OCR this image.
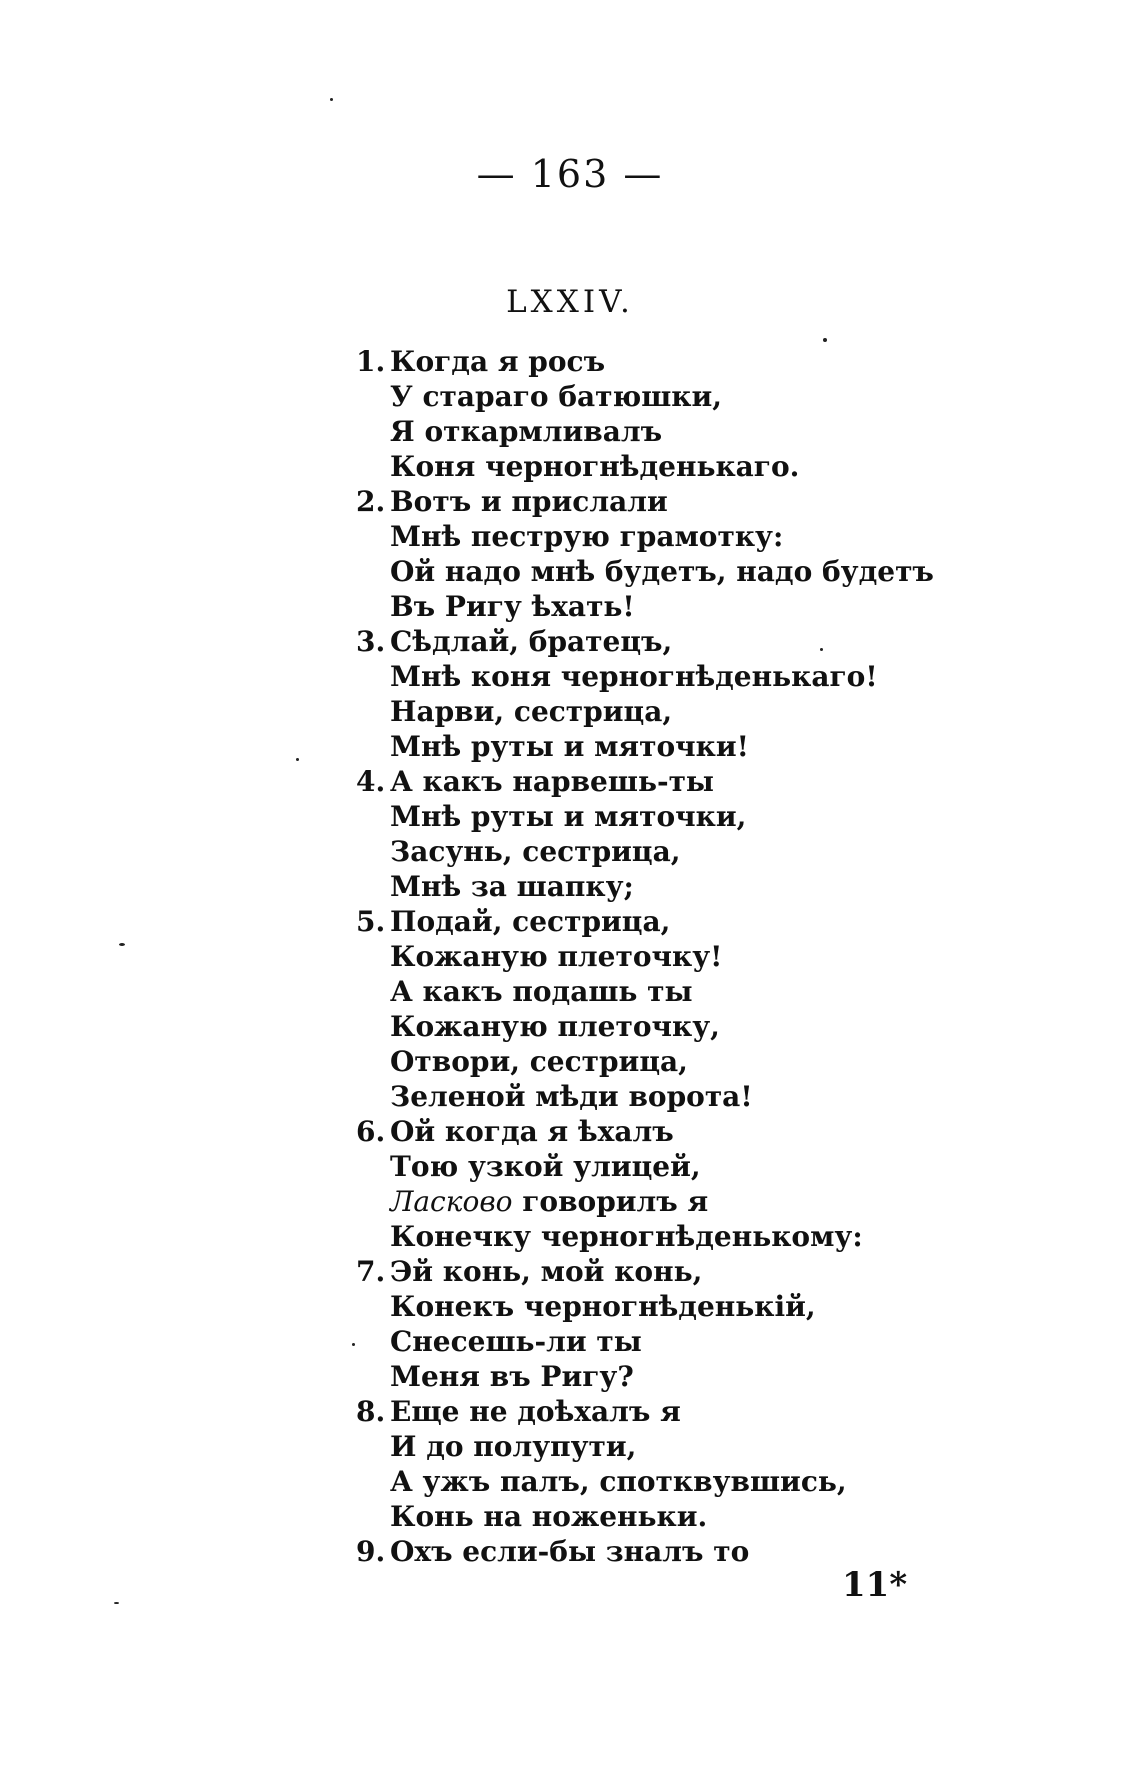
— 163 —
LXXIV.
1. Когда я росъ
У стараго батюшки,
Я откармливалъ
Коня черногнѣденькаго.
2. Вотъ и прислали
Мнѣ пеструю грамотку:
Ой надо мнѣ будетъ, надо будетъ
Въ Ригу ѣхать!
3. Сѣдлай, братецъ,
Мнѣ коня черногнѣденькаго!
Нарви, сестрица,
Мнѣ руты и мяточки!
4. А какъ нарвешь-ты
Мнѣ руты и мяточки,
Засунь, сестрица,
Мнѣ за шапку;
5. Подай, сестрица,
Кожаную плеточку!
А какъ подашь ты
Кожаную плеточку,
Отвори, сестрица,
Зеленой мѣди ворота!
6. Ой когда я ѣхалъ
Тою узкой улицей,
Ласково говорилъ я
Конечку черногнѣденькому:
7. Эй конь, мой конь,
Конекъ черногнѣденькій,
Снесешь-ли ты
Меня въ Ригу?
8. Еще не доѣхалъ я
И до полупути,
А ужъ палъ, спотквувшись,
Конь на ноженьки.
9. Охъ если-бы зналъ то
11*
